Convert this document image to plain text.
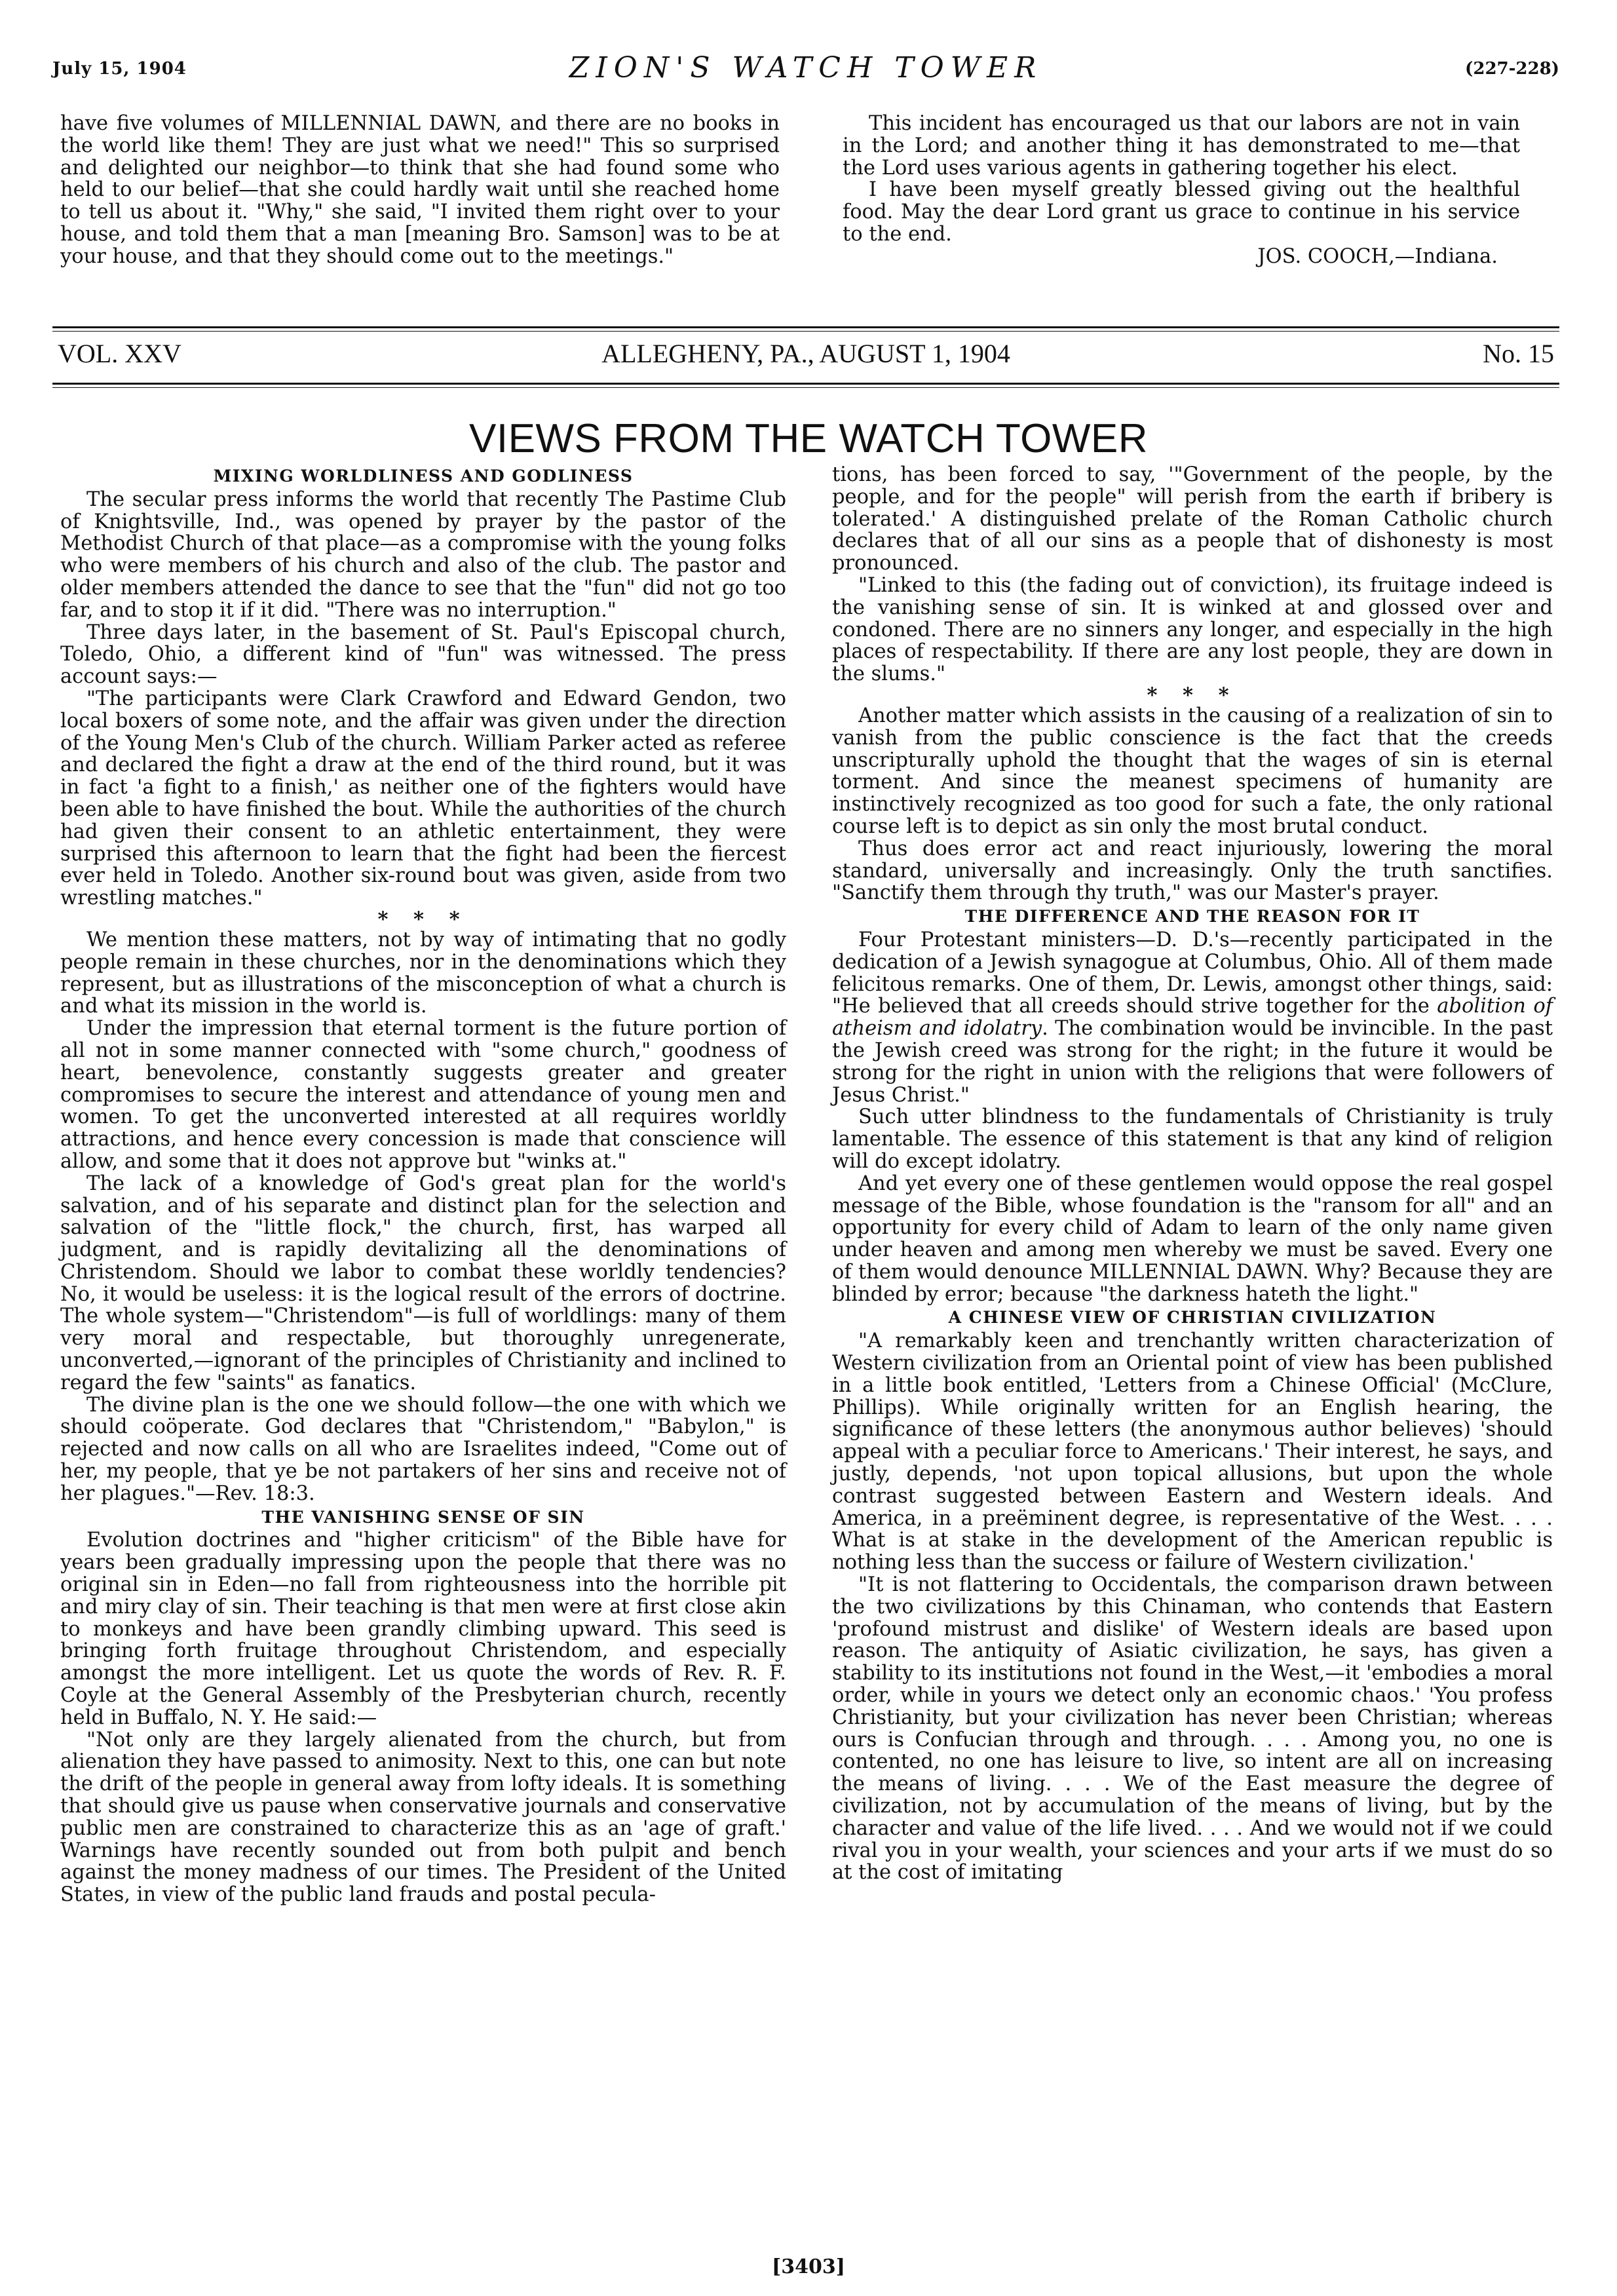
July 15, 1904	ZION'S WATCH TOWER	(227-228)

have five volumes of MILLENNIAL DAWN, and there are no books in the world like them! They are just what we need!" This so surprised and delighted our neighbor—to think that she had found some who held to our belief—that she could hardly wait until she reached home to tell us about it. "Why," she said, "I invited them right over to your house, and told them that a man [meaning Bro. Samson] was to be at your house, and that they should come out to the meetings."

This incident has encouraged us that our labors are not in vain in the Lord; and another thing it has demonstrated to me—that the Lord uses various agents in gathering together his elect.

I have been myself greatly blessed giving out the healthful food. May the dear Lord grant us grace to continue in his service to the end.

JOS. COOCH,—Indiana.

VOL. XXV	ALLEGHENY, PA., AUGUST 1, 1904	No. 15
VIEWS FROM THE WATCH TOWER

MIXING WORLDLINESS AND GODLINESS

The secular press informs the world that recently The Pastime Club of Knightsville, Ind., was opened by prayer by the pastor of the Methodist Church of that place—as a compromise with the young folks who were members of his church and also of the club. The pastor and older members attended the dance to see that the "fun" did not go too far, and to stop it if it did. "There was no interruption."

Three days later, in the basement of St. Paul's Episcopal church, Toledo, Ohio, a different kind of "fun" was witnessed. The press account says:—

"The participants were Clark Crawford and Edward Gendon, two local boxers of some note, and the affair was given under the direction of the Young Men's Club of the church. William Parker acted as referee and declared the fight a draw at the end of the third round, but it was in fact 'a fight to a finish,' as neither one of the fighters would have been able to have finished the bout. While the authorities of the church had given their consent to an athletic entertainment, they were surprised this afternoon to learn that the fight had been the fiercest ever held in Toledo. Another six-round bout was given, aside from two wrestling matches."

* * *

We mention these matters, not by way of intimating that no godly people remain in these churches, nor in the denominations which they represent, but as illustrations of the misconception of what a church is and what its mission in the world is.

Under the impression that eternal torment is the future portion of all not in some manner connected with "some church," goodness of heart, benevolence, constantly suggests greater and greater compromises to secure the interest and attendance of young men and women. To get the unconverted interested at all requires worldly attractions, and hence every concession is made that conscience will allow, and some that it does not approve but "winks at."

The lack of a knowledge of God's great plan for the world's salvation, and of his separate and distinct plan for the selection and salvation of the "little flock," the church, first, has warped all judgment, and is rapidly devitalizing all the denominations of Christendom. Should we labor to combat these worldly tendencies? No, it would be useless: it is the logical result of the errors of doctrine. The whole system—"Christendom"—is full of worldlings: many of them very moral and respectable, but thoroughly unregenerate, unconverted,—ignorant of the principles of Christianity and inclined to regard the few "saints" as fanatics.

The divine plan is the one we should follow—the one with which we should coöperate. God declares that "Christendom," "Babylon," is rejected and now calls on all who are Israelites indeed, "Come out of her, my people, that ye be not partakers of her sins and receive not of her plagues."—Rev. 18:3.

THE VANISHING SENSE OF SIN

Evolution doctrines and "higher criticism" of the Bible have for years been gradually impressing upon the people that there was no original sin in Eden—no fall from righteousness into the horrible pit and miry clay of sin. Their teaching is that men were at first close akin to monkeys and have been grandly climbing upward. This seed is bringing forth fruitage throughout Christendom, and especially amongst the more intelligent. Let us quote the words of Rev. R. F. Coyle at the General Assembly of the Presbyterian church, recently held in Buffalo, N. Y. He said:—

"Not only are they largely alienated from the church, but from alienation they have passed to animosity. Next to this, one can but note the drift of the people in general away from lofty ideals. It is something that should give us pause when conservative journals and conservative public men are constrained to characterize this as an 'age of graft.' Warnings have recently sounded out from both pulpit and bench against the money madness of our times. The President of the United States, in view of the public land frauds and postal pecula-

tions, has been forced to say, '"Government of the people, by the people, and for the people" will perish from the earth if bribery is tolerated.' A distinguished prelate of the Roman Catholic church declares that of all our sins as a people that of dishonesty is most pronounced.

"Linked to this (the fading out of conviction), its fruitage indeed is the vanishing sense of sin. It is winked at and glossed over and condoned. There are no sinners any longer, and especially in the high places of respectability. If there are any lost people, they are down in the slums."

* * *

Another matter which assists in the causing of a realization of sin to vanish from the public conscience is the fact that the creeds unscripturally uphold the thought that the wages of sin is eternal torment. And since the meanest specimens of humanity are instinctively recognized as too good for such a fate, the only rational course left is to depict as sin only the most brutal conduct.

Thus does error act and react injuriously, lowering the moral standard, universally and increasingly. Only the truth sanctifies. "Sanctify them through thy truth," was our Master's prayer.

THE DIFFERENCE AND THE REASON FOR IT

Four Protestant ministers—D. D.'s—recently participated in the dedication of a Jewish synagogue at Columbus, Ohio. All of them made felicitous remarks. One of them, Dr. Lewis, amongst other things, said: "He believed that all creeds should strive together for the abolition of atheism and idolatry. The combination would be invincible. In the past the Jewish creed was strong for the right; in the future it would be strong for the right in union with the religions that were followers of Jesus Christ."

Such utter blindness to the fundamentals of Christianity is truly lamentable. The essence of this statement is that any kind of religion will do except idolatry.

And yet every one of these gentlemen would oppose the real gospel message of the Bible, whose foundation is the "ransom for all" and an opportunity for every child of Adam to learn of the only name given under heaven and among men whereby we must be saved. Every one of them would denounce MILLENNIAL DAWN. Why? Because they are blinded by error; because "the darkness hateth the light."

A CHINESE VIEW OF CHRISTIAN CIVILIZATION

"A remarkably keen and trenchantly written characterization of Western civilization from an Oriental point of view has been published in a little book entitled, 'Letters from a Chinese Official' (McClure, Phillips). While originally written for an English hearing, the significance of these letters (the anonymous author believes) 'should appeal with a peculiar force to Americans.' Their interest, he says, and justly, depends, 'not upon topical allusions, but upon the whole contrast suggested between Eastern and Western ideals. And America, in a preëminent degree, is representative of the West. . . . What is at stake in the development of the American republic is nothing less than the success or failure of Western civilization.'

"It is not flattering to Occidentals, the comparison drawn between the two civilizations by this Chinaman, who contends that Eastern 'profound mistrust and dislike' of Western ideals are based upon reason. The antiquity of Asiatic civilization, he says, has given a stability to its institutions not found in the West,—it 'embodies a moral order, while in yours we detect only an economic chaos.' 'You profess Christianity, but your civilization has never been Christian; whereas ours is Confucian through and through. . . . Among you, no one is contented, no one has leisure to live, so intent are all on increasing the means of living. . . . We of the East measure the degree of civilization, not by accumulation of the means of living, but by the character and value of the life lived. . . . And we would not if we could rival you in your wealth, your sciences and your arts if we must do so at the cost of imitating

[3403]
